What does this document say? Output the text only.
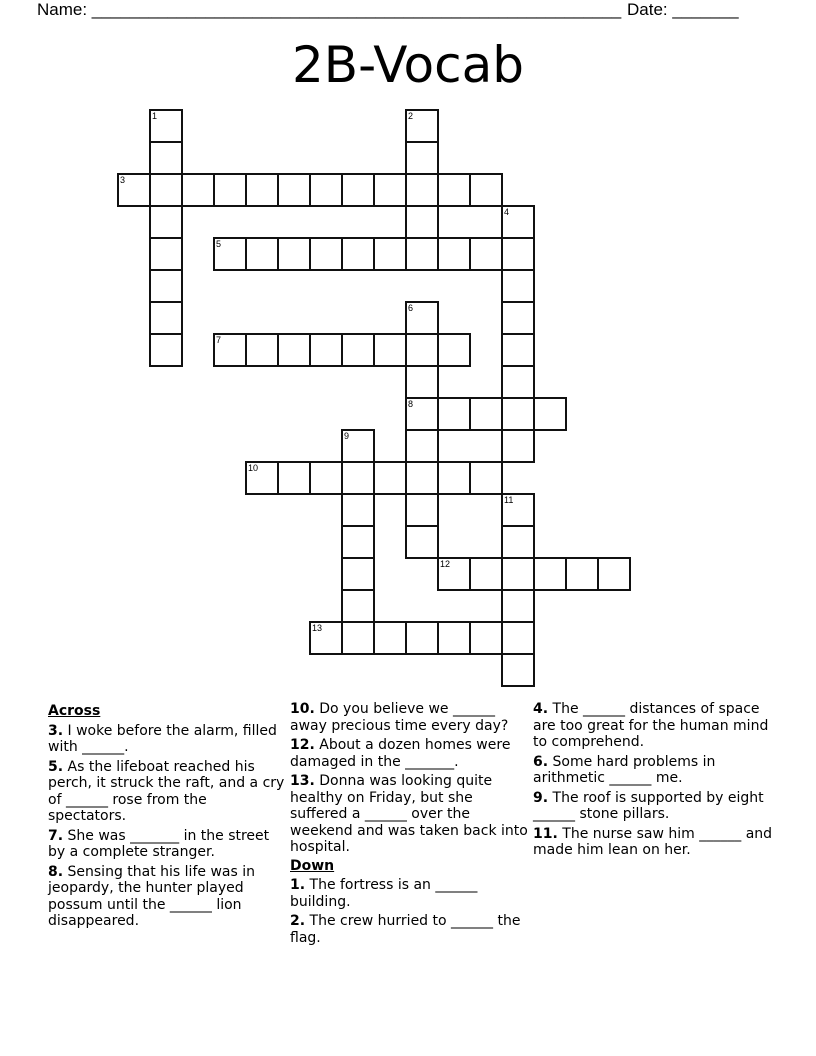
Name: ________________________________________________________ Date: _______
2B-Vocab
1	2
3
4
5
6
8
7
9
10
11
12
13
Across
3. I woke before the alarm, filled with ______.
5. As the lifeboat reached his perch, it struck the raft, and a cry of ______ rose from the spectators.
7. She was _______ in the street by a complete stranger.
8. Sensing that his life was in jeopardy, the hunter played possum until the ______ lion disappeared.
10. Do you believe we ______ away precious time every day?
12. About a dozen homes were damaged in the _______.
13. Donna was looking quite healthy on Friday, but she suffered a ______ over the weekend and was taken back into hospital.
Down
1. The fortress is an ______ building.
2. The crew hurried to ______ the flag.
4. The ______ distances of space are too great for the human mind to comprehend.
6. Some hard problems in arithmetic ______ me.
9. The roof is supported by eight ______ stone pillars.
11. The nurse saw him ______ and made him lean on her.
